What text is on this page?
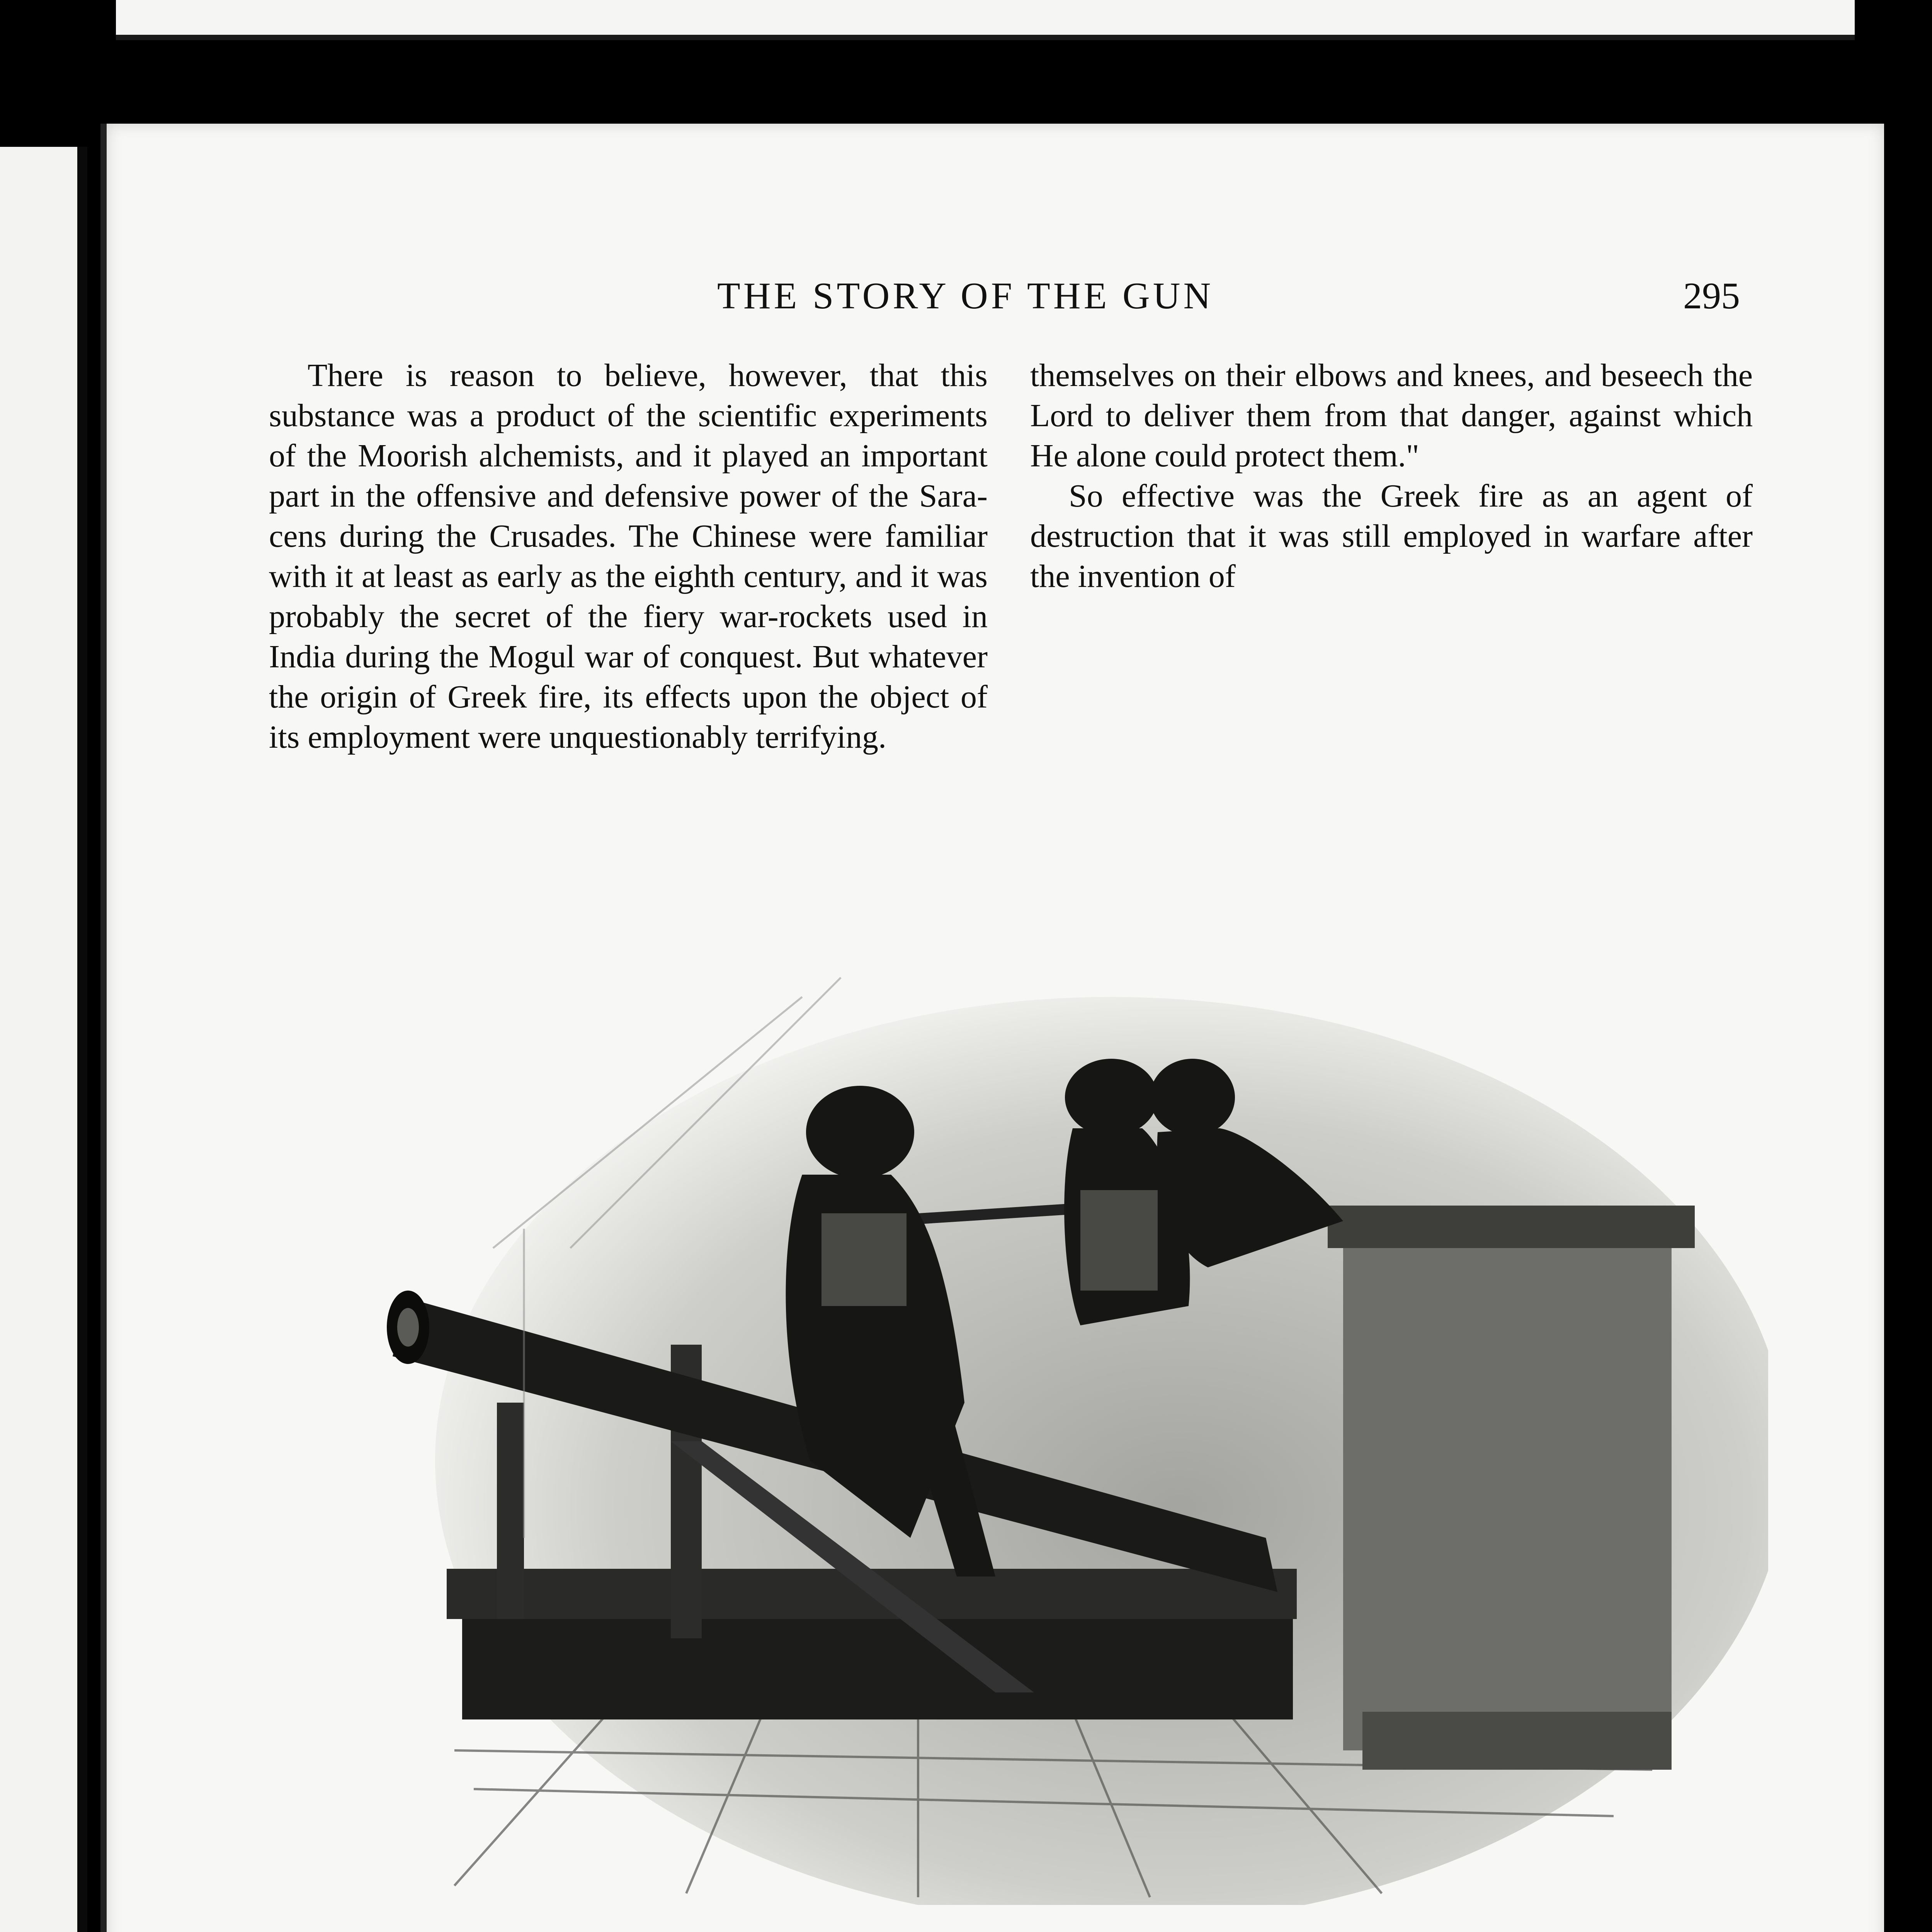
THE STORY OF THE GUN	295

There is reason to believe, however, that this substance was a product of the scientific experiments of the Moorish alchemists, and it played an important part in the offensive and defensive power of the Saracens during the Crusades. The Chinese were familiar with it at least as early as the eighth century, and it was probably the secret of the fiery war-rockets used in India during the Mogul war of conquest. But whatever the origin of Greek fire, its effects upon the object of its employment were unquestionably terrifying.

themselves on their elbows and knees, and beseech the Lord to deliver them from that danger, against which He alone could protect them."

So effective was the Greek fire as an agent of destruction that it was still employed in warfare after the invention of
